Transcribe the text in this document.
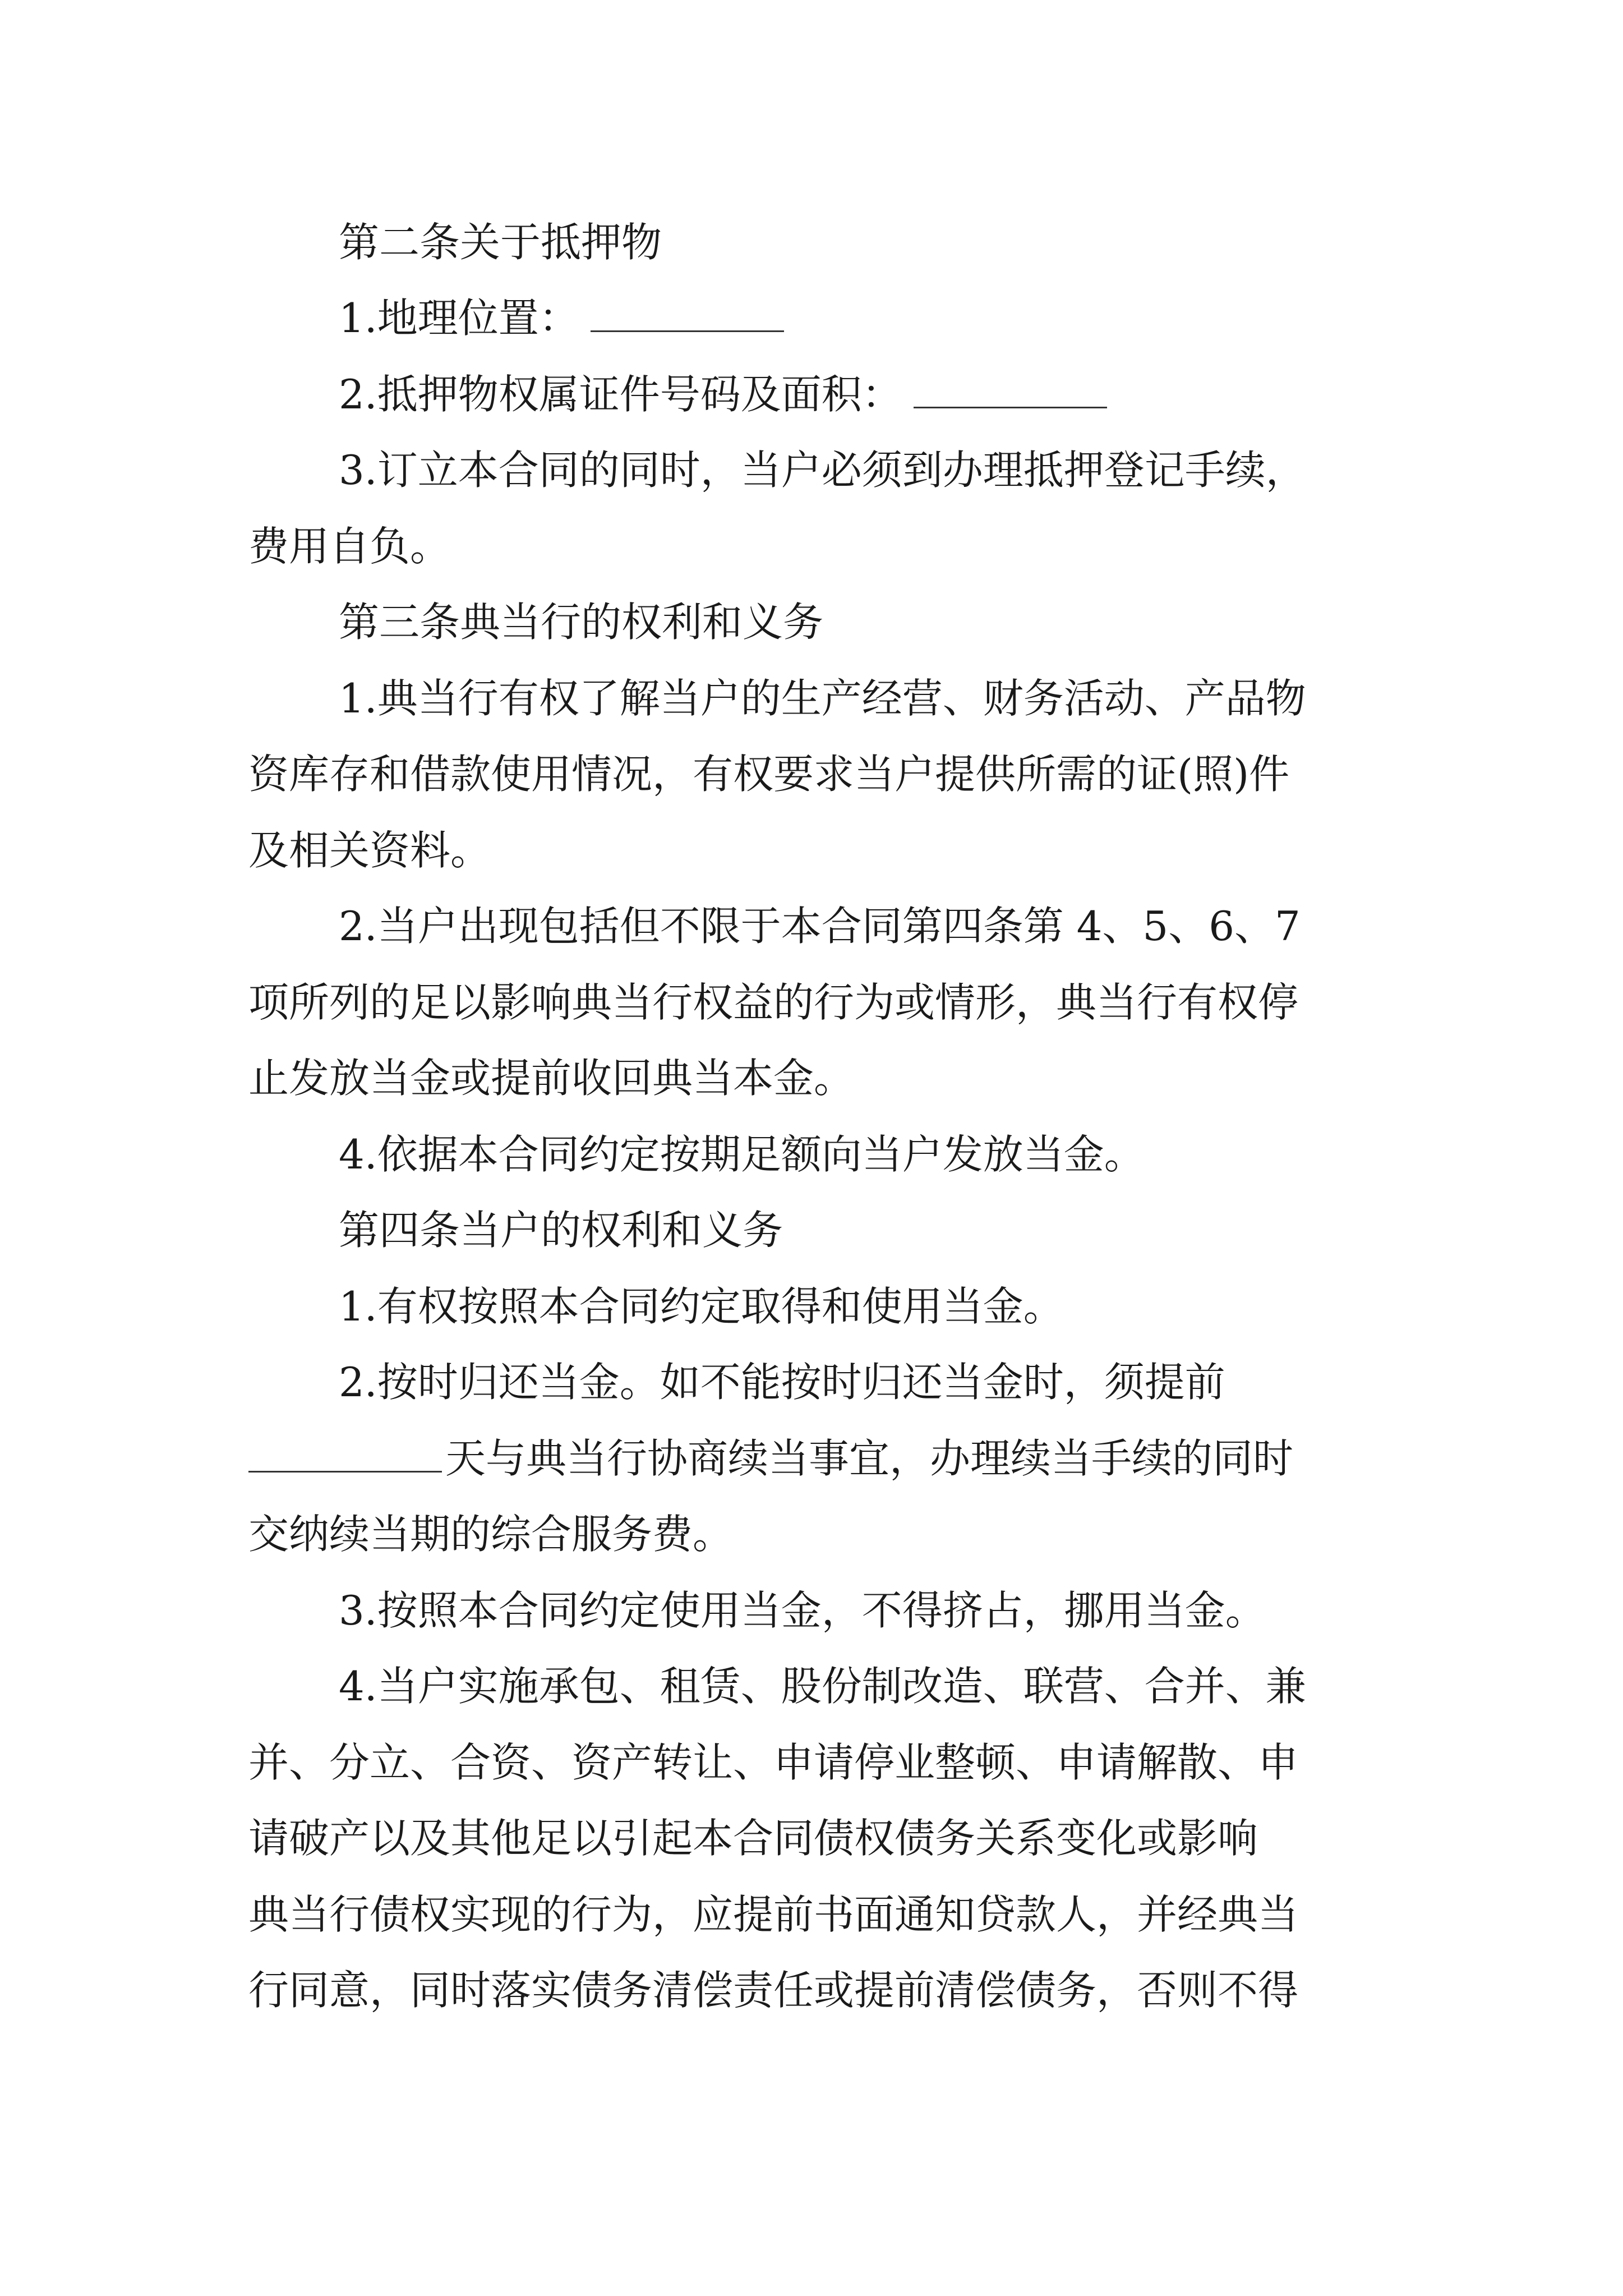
第二条关于抵押物
1.地理位置：
2.抵押物权属证件号码及面积：
3.订立本合同的同时，当户必须到办理抵押登记手续，
费用自负。
第三条典当行的权利和义务
1.典当行有权了解当户的生产经营、财务活动、产品物
资库存和借款使用情况，有权要求当户提供所需的证(照)件
及相关资料。
2.当户出现包括但不限于本合同第四条第 4、5、6、7
项所列的足以影响典当行权益的行为或情形，典当行有权停
止发放当金或提前收回典当本金。
4.依据本合同约定按期足额向当户发放当金。
第四条当户的权利和义务
1.有权按照本合同约定取得和使用当金。
2.按时归还当金。如不能按时归还当金时，须提前
天与典当行协商续当事宜，办理续当手续的同时
交纳续当期的综合服务费。
3.按照本合同约定使用当金，不得挤占，挪用当金。
4.当户实施承包、租赁、股份制改造、联营、合并、兼
并、分立、合资、资产转让、申请停业整顿、申请解散、申
请破产以及其他足以引起本合同债权债务关系变化或影响
典当行债权实现的行为，应提前书面通知贷款人，并经典当
行同意，同时落实债务清偿责任或提前清偿债务，否则不得
